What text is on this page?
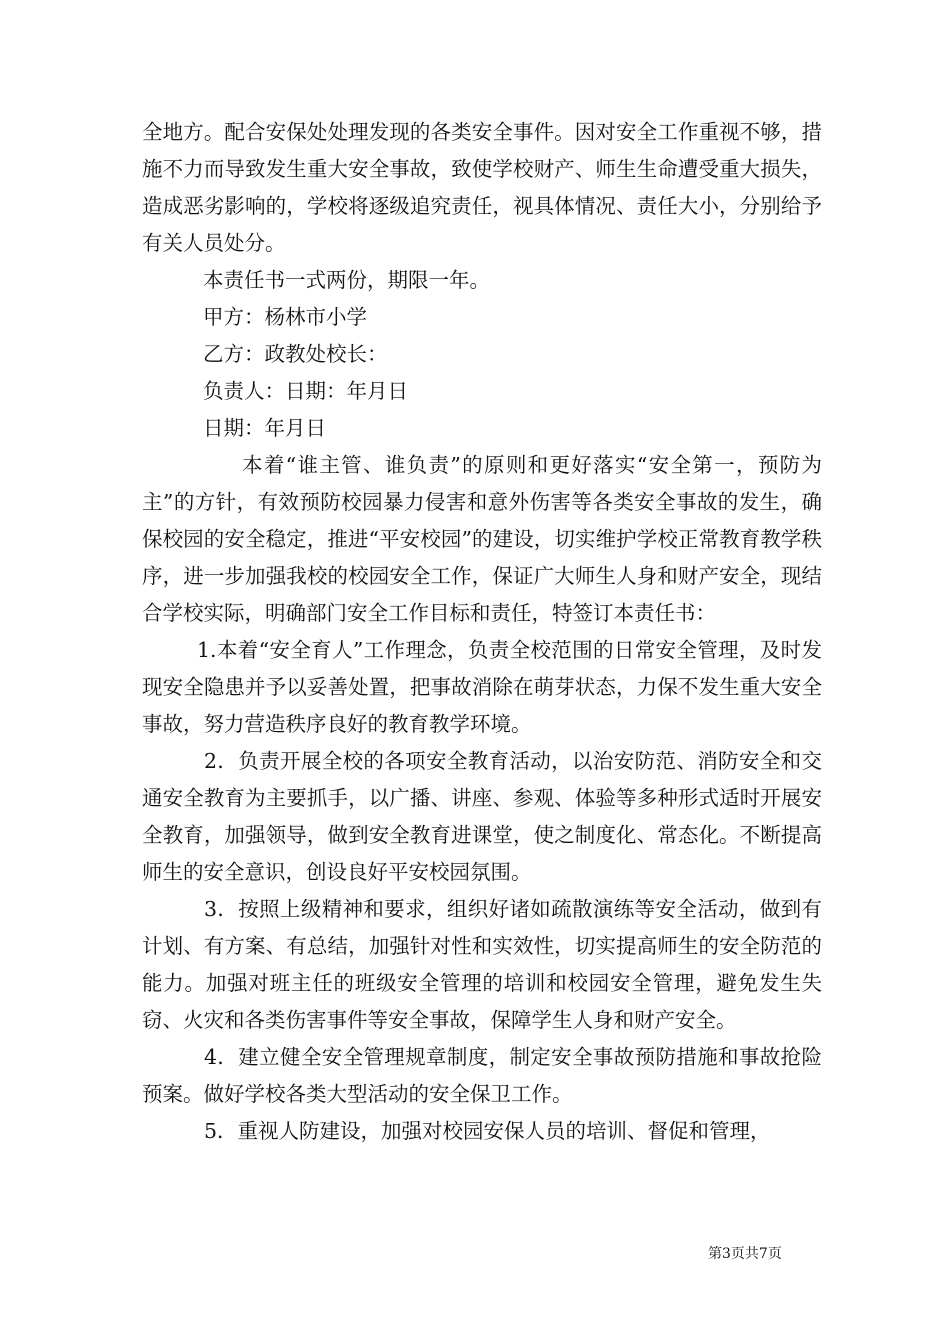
全地方。配合安保处处理发现的各类安全事件。因对安全工作重视不够，措施不力而导致发生重大安全事故，致使学校财产、师生生命遭受重大损失，造成恶劣影响的，学校将逐级追究责任，视具体情况、责任大小，分别给予有关人员处分。

本责任书一式两份，期限一年。

甲方：杨林市小学

乙方：政教处校长：

负责人：日期：年月日

日期：年月日

本着“谁主管、谁负责”的原则和更好落实“安全第一，预防为主”的方针，有效预防校园暴力侵害和意外伤害等各类安全事故的发生，确保校园的安全稳定，推进“平安校园”的建设，切实维护学校正常教育教学秩序，进一步加强我校的校园安全工作，保证广大师生人身和财产安全，现结合学校实际，明确部门安全工作目标和责任，特签订本责任书：

1.本着“安全育人”工作理念，负责全校范围的日常安全管理，及时发现安全隐患并予以妥善处置，把事故消除在萌芽状态，力保不发生重大安全事故，努力营造秩序良好的教育教学环境。

2．负责开展全校的各项安全教育活动，以治安防范、消防安全和交通安全教育为主要抓手，以广播、讲座、参观、体验等多种形式适时开展安全教育，加强领导，做到安全教育进课堂，使之制度化、常态化。不断提高师生的安全意识，创设良好平安校园氛围。

3．按照上级精神和要求，组织好诸如疏散演练等安全活动，做到有计划、有方案、有总结，加强针对性和实效性，切实提高师生的安全防范的能力。加强对班主任的班级安全管理的培训和校园安全管理，避免发生失窃、火灾和各类伤害事件等安全事故，保障学生人身和财产安全。

4．建立健全安全管理规章制度，制定安全事故预防措施和事故抢险预案。做好学校各类大型活动的安全保卫工作。

5．重视人防建设，加强对校园安保人员的培训、督促和管理，

第3页共7页
